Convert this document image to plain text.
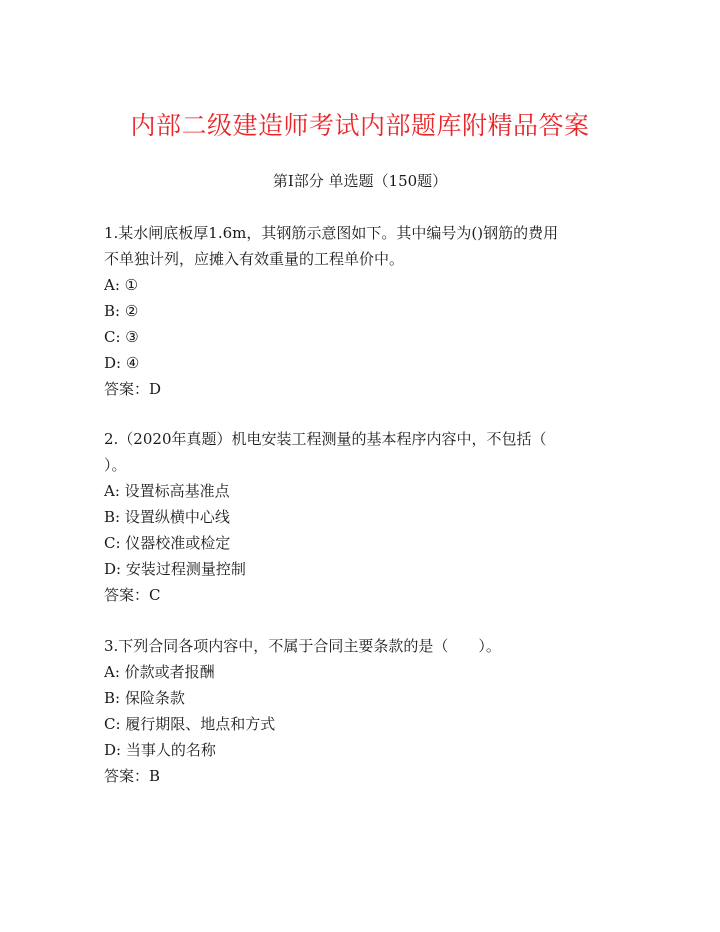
内部二级建造师考试内部题库附精品答案
第Ⅰ部分 单选题（150题）
1.某水闸底板厚1.6m，其钢筋示意图如下。其中编号为()钢筋的费用
不单独计列，应摊入有效重量的工程单价中。
A: ①
B: ②
C: ③
D: ④
答案：D
2.（2020年真题）机电安装工程测量的基本程序内容中，不包括（
）。
A: 设置标高基准点
B: 设置纵横中心线
C: 仪器校准或检定
D: 安装过程测量控制
答案：C
3.下列合同各项内容中，不属于合同主要条款的是（　　）。
A: 价款或者报酬
B: 保险条款
C: 履行期限、地点和方式
D: 当事人的名称
答案：B
